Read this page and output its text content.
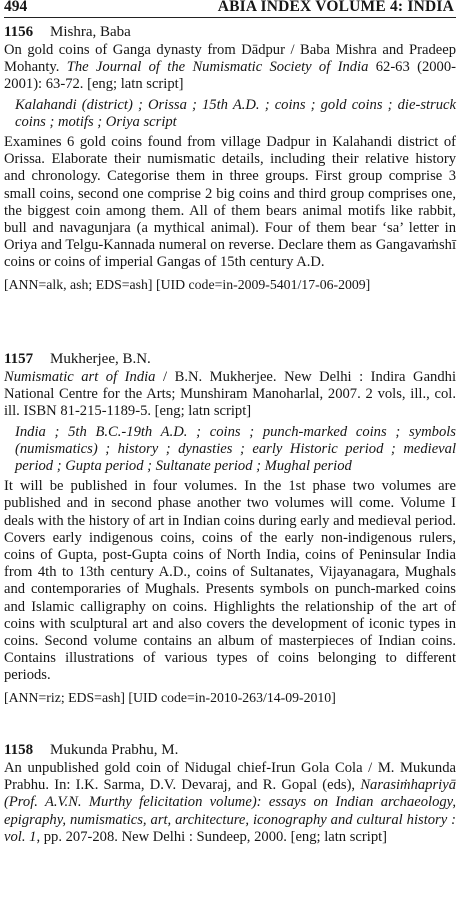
494	ABIA INDEX VOLUME 4: INDIA

1156 Mishra, Baba

On gold coins of Ganga dynasty from Dādpur / Baba Mishra and Pradeep Mohanty. The Journal of the Numismatic Society of India 62-63 (2000-2001): 63-72. [eng; latn script]

Kalahandi (district) ; Orissa ; 15th A.D. ; coins ; gold coins ; die-struck coins ; motifs ; Oriya script

Examines 6 gold coins found from village Dadpur in Kalahandi district of Orissa. Elaborate their numismatic details, including their relative history and chronology. Categorise them in three groups. First group comprise 3 small coins, second one comprise 2 big coins and third group comprises one, the biggest coin among them. All of them bears animal motifs like rabbit, bull and navagunjara (a mythical animal). Four of them bear ‘sa’ letter in Oriya and Telgu-Kannada numeral on reverse. Declare them as Gangavaṁshī coins or coins of imperial Gangas of 15th century A.D.

[ANN=alk, ash; EDS=ash] [UID code=in-2009-5401/17-06-2009]

1157 Mukherjee, B.N.

Numismatic art of India / B.N. Mukherjee. New Delhi : Indira Gandhi National Centre for the Arts; Munshiram Manoharlal, 2007. 2 vols, ill., col. ill. ISBN 81-215-1189-5. [eng; latn script]

India ; 5th B.C.-19th A.D. ; coins ; punch-marked coins ; symbols (numismatics) ; history ; dynasties ; early Historic period ; medieval period ; Gupta period ; Sultanate period ; Mughal period

It will be published in four volumes. In the 1st phase two volumes are published and in second phase another two volumes will come. Volume I deals with the history of art in Indian coins during early and medieval period. Covers early indigenous coins, coins of the early non-indigenous rulers, coins of Gupta, post-Gupta coins of North India, coins of Peninsular India from 4th to 13th century A.D., coins of Sultanates, Vijayanagara, Mughals and contemporaries of Mughals. Presents symbols on punch-marked coins and Islamic calligraphy on coins. Highlights the relationship of the art of coins with sculptural art and also covers the development of iconic types in coins. Second volume contains an album of masterpieces of Indian coins. Contains illustrations of various types of coins belonging to different periods.

[ANN=riz; EDS=ash] [UID code=in-2010-263/14-09-2010]

1158 Mukunda Prabhu, M.

An unpublished gold coin of Nidugal chief-Irun Gola Cola / M. Mukunda Prabhu. In: I.K. Sarma, D.V. Devaraj, and R. Gopal (eds), Narasiṁhapriyā (Prof. A.V.N. Murthy felicitation volume): essays on Indian archaeology, epigraphy, numismatics, art, architecture, iconography and cultural history : vol. 1, pp. 207-208. New Delhi : Sundeep, 2000. [eng; latn script]
